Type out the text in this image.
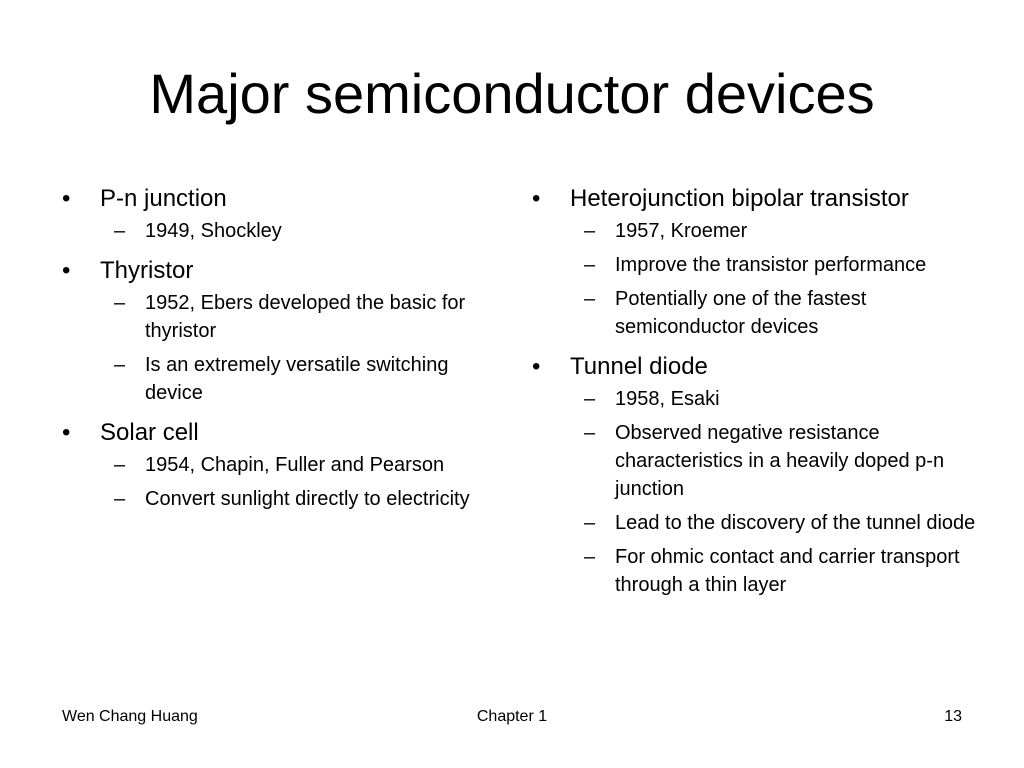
Major semiconductor devices
• P-n junction
– 1949, Shockley
• Thyristor
– 1952, Ebers developed the basic for thyristor
– Is an extremely versatile switching device
• Solar cell
– 1954, Chapin, Fuller and Pearson
– Convert sunlight directly to electricity
• Heterojunction bipolar transistor
– 1957, Kroemer
– Improve the transistor performance
– Potentially one of the fastest semiconductor devices
• Tunnel diode
– 1958, Esaki
– Observed negative resistance characteristics in a heavily doped p-n junction
– Lead to the discovery of the tunnel diode
– For ohmic contact and carrier transport through a thin layer
Wen Chang Huang	Chapter 1	13
